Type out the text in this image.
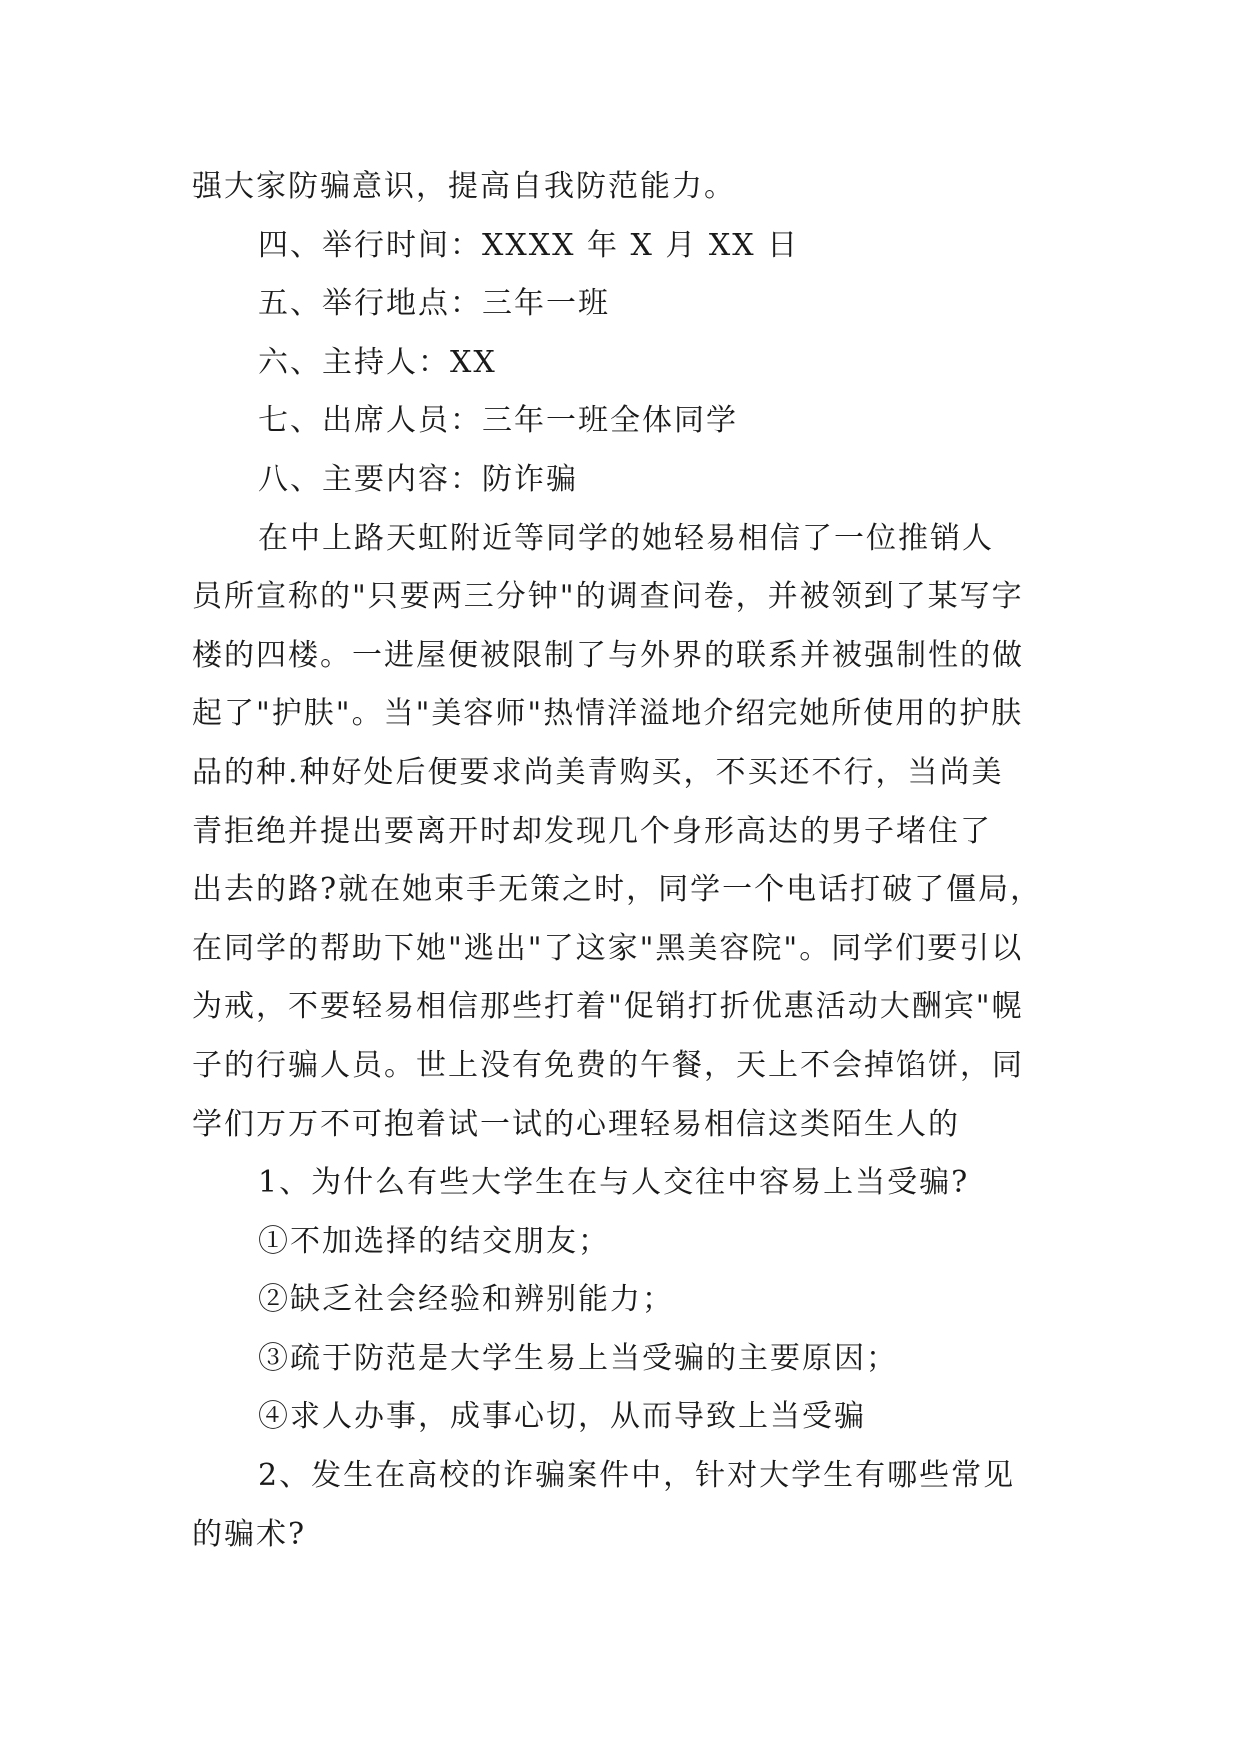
强大家防骗意识，提高自我防范能力。
四、举行时间：XXXX 年 X 月 XX 日
五、举行地点：三年一班
六、主持人：XX
七、出席人员：三年一班全体同学
八、主要内容：防诈骗
在中上路天虹附近等同学的她轻易相信了一位推销人
员所宣称的"只要两三分钟"的调查问卷，并被领到了某写字
楼的四楼。一进屋便被限制了与外界的联系并被强制性的做
起了"护肤"。当"美容师"热情洋溢地介绍完她所使用的护肤
品的种.种好处后便要求尚美青购买，不买还不行，当尚美
青拒绝并提出要离开时却发现几个身形高达的男子堵住了
出去的路?就在她束手无策之时，同学一个电话打破了僵局，
在同学的帮助下她"逃出"了这家"黑美容院"。同学们要引以
为戒，不要轻易相信那些打着"促销打折优惠活动大酬宾"幌
子的行骗人员。世上没有免费的午餐，天上不会掉馅饼，同
学们万万不可抱着试一试的心理轻易相信这类陌生人的
1、为什么有些大学生在与人交往中容易上当受骗?
①不加选择的结交朋友；
②缺乏社会经验和辨别能力；
③疏于防范是大学生易上当受骗的主要原因；
④求人办事，成事心切，从而导致上当受骗
2、发生在高校的诈骗案件中，针对大学生有哪些常见
的骗术?
